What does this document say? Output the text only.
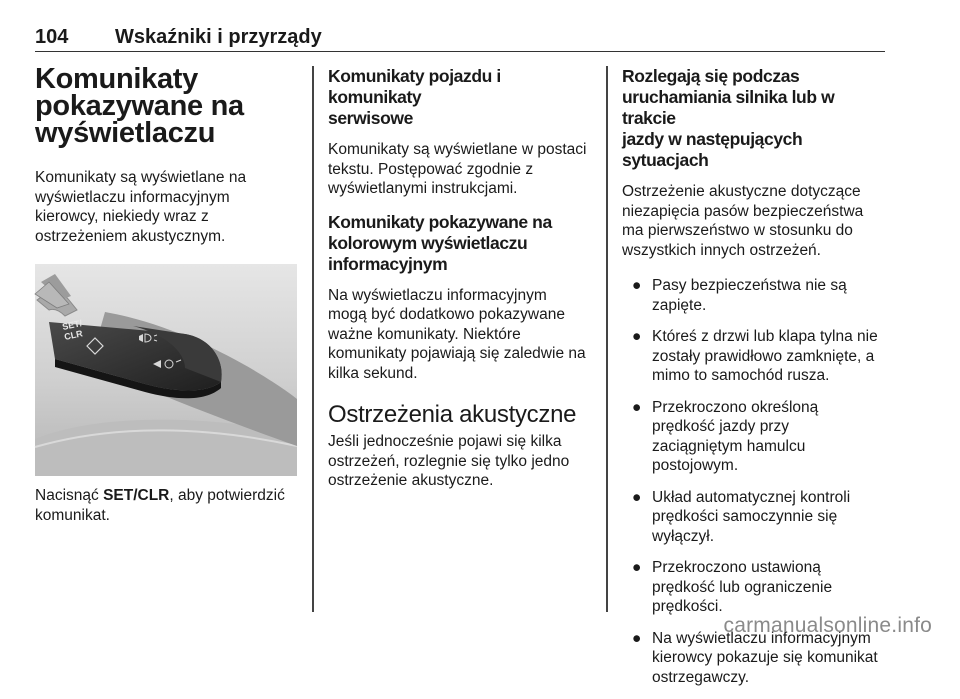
104 Wskaźniki i przyrządy
Komunikaty
pokazywane na
wyświetlaczu
Komunikaty są wyświetlane na
wyświetlaczu informacyjnym
kierowcy, niekiedy wraz z
ostrzeżeniem akustycznym.
SET/
CLR
Nacisnąć SET/CLR, aby potwierdzić
komunikat.
Komunikaty pojazdu i komunikaty
serwisowe
Komunikaty są wyświetlane w postaci
tekstu. Postępować zgodnie z
wyświetlanymi instrukcjami.
Komunikaty pokazywane na
kolorowym wyświetlaczu
informacyjnym
Na wyświetlaczu informacyjnym
mogą być dodatkowo pokazywane
ważne komunikaty. Niektóre
komunikaty pojawiają się zaledwie na
kilka sekund.
Ostrzeżenia akustyczne
Jeśli jednocześnie pojawi się kilka
ostrzeżeń, rozlegnie się tylko jedno
ostrzeżenie akustyczne.
Rozlegają się podczas
uruchamiania silnika lub w trakcie
jazdy w następujących
sytuacjach
Ostrzeżenie akustyczne dotyczące
niezapięcia pasów bezpieczeństwa
ma pierwszeństwo w stosunku do
wszystkich innych ostrzeżeń.
● Pasy bezpieczeństwa nie są
zapięte.
● Któreś z drzwi lub klapa tylna nie
zostały prawidłowo zamknięte, a
mimo to samochód rusza.
● Przekroczono określoną
prędkość jazdy przy
zaciągniętym hamulcu
postojowym.
● Układ automatycznej kontroli
prędkości samoczynnie się
wyłączył.
● Przekroczono ustawioną
prędkość lub ograniczenie
prędkości.
● Na wyświetlaczu informacyjnym
kierowcy pokazuje się komunikat
ostrzegawczy.
carmanualsonline.info
